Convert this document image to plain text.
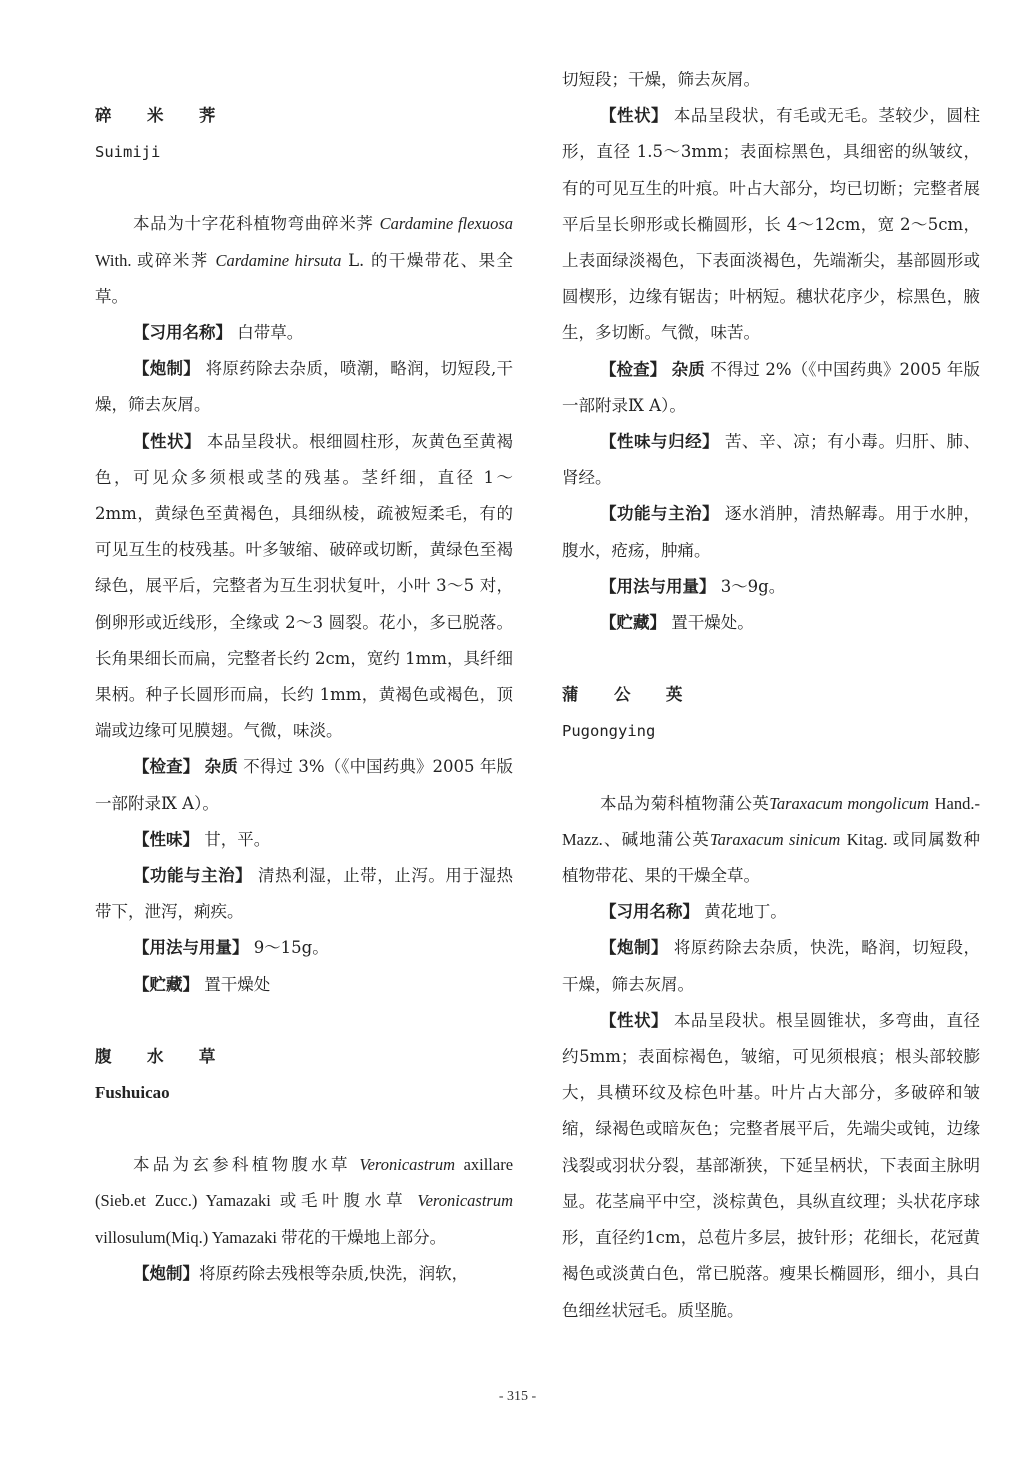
碎 米 荠

Suimiji

本品为十字花科植物弯曲碎米荠 Cardamine flexuosa With. 或碎米荠 Cardamine hirsuta L. 的干燥带花、果全草。

【习用名称】 白带草。

【炮制】 将原药除去杂质，喷潮，略润，切短段,干燥，筛去灰屑。

【性状】 本品呈段状。根细圆柱形，灰黄色至黄褐色，可见众多须根或茎的残基。茎纤细，直径 1～2mm，黄绿色至黄褐色，具细纵棱，疏被短柔毛，有的可见互生的枝残基。叶多皱缩、破碎或切断，黄绿色至褐绿色，展平后，完整者为互生羽状复叶，小叶 3～5 对，倒卵形或近线形，全缘或 2～3 圆裂。花小，多已脱落。长角果细长而扁，完整者长约 2cm，宽约 1mm，具纤细果柄。种子长圆形而扁，长约 1mm，黄褐色或褐色，顶端或边缘可见膜翅。气微，味淡。

【检查】 杂质 不得过 3%（《中国药典》2005 年版一部附录Ⅸ A）。

【性味】 甘，平。

【功能与主治】 清热利湿，止带，止泻。用于湿热带下，泄泻，痢疾。

【用法与用量】 9～15g。

【贮藏】 置干燥处

腹 水 草

Fushuicao

本品为玄参科植物腹水草 Veronicastrum axillare (Sieb.et Zucc.) Yamazaki 或毛叶腹水草 Veronicastrum villosulum(Miq.) Yamazaki 带花的干燥地上部分。

【炮制】将原药除去残根等杂质,快洗，润软，

切短段；干燥，筛去灰屑。

【性状】 本品呈段状，有毛或无毛。茎较少，圆柱形，直径 1.5～3mm；表面棕黑色，具细密的纵皱纹，有的可见互生的叶痕。叶占大部分，均已切断；完整者展平后呈长卵形或长椭圆形，长 4～12cm，宽 2～5cm，上表面绿淡褐色，下表面淡褐色，先端渐尖，基部圆形或圆楔形，边缘有锯齿；叶柄短。穗状花序少，棕黑色，腋生，多切断。气微，味苦。

【检查】 杂质 不得过 2%（《中国药典》2005 年版一部附录Ⅸ A）。

【性味与归经】 苦、辛、凉；有小毒。归肝、肺、肾经。

【功能与主治】 逐水消肿，清热解毒。用于水肿，腹水，疮疡，肿痛。

【用法与用量】 3～9g。

【贮藏】 置干燥处。

蒲 公 英

Pugongying

本品为菊科植物蒲公英Taraxacum mongolicum Hand.-Mazz.、碱地蒲公英Taraxacum sinicum Kitag. 或同属数种植物带花、果的干燥全草。

【习用名称】 黄花地丁。

【炮制】 将原药除去杂质，快洗，略润，切短段，干燥，筛去灰屑。

【性状】 本品呈段状。根呈圆锥状，多弯曲，直径约5mm；表面棕褐色，皱缩，可见须根痕；根头部较膨大，具横环纹及棕色叶基。叶片占大部分，多破碎和皱缩，绿褐色或暗灰色；完整者展平后，先端尖或钝，边缘浅裂或羽状分裂，基部渐狭，下延呈柄状，下表面主脉明显。花茎扁平中空，淡棕黄色，具纵直纹理；头状花序球形，直径约1cm，总苞片多层，披针形；花细长，花冠黄褐色或淡黄白色，常已脱落。瘦果长椭圆形，细小，具白色细丝状冠毛。质坚脆。

- 315 -
